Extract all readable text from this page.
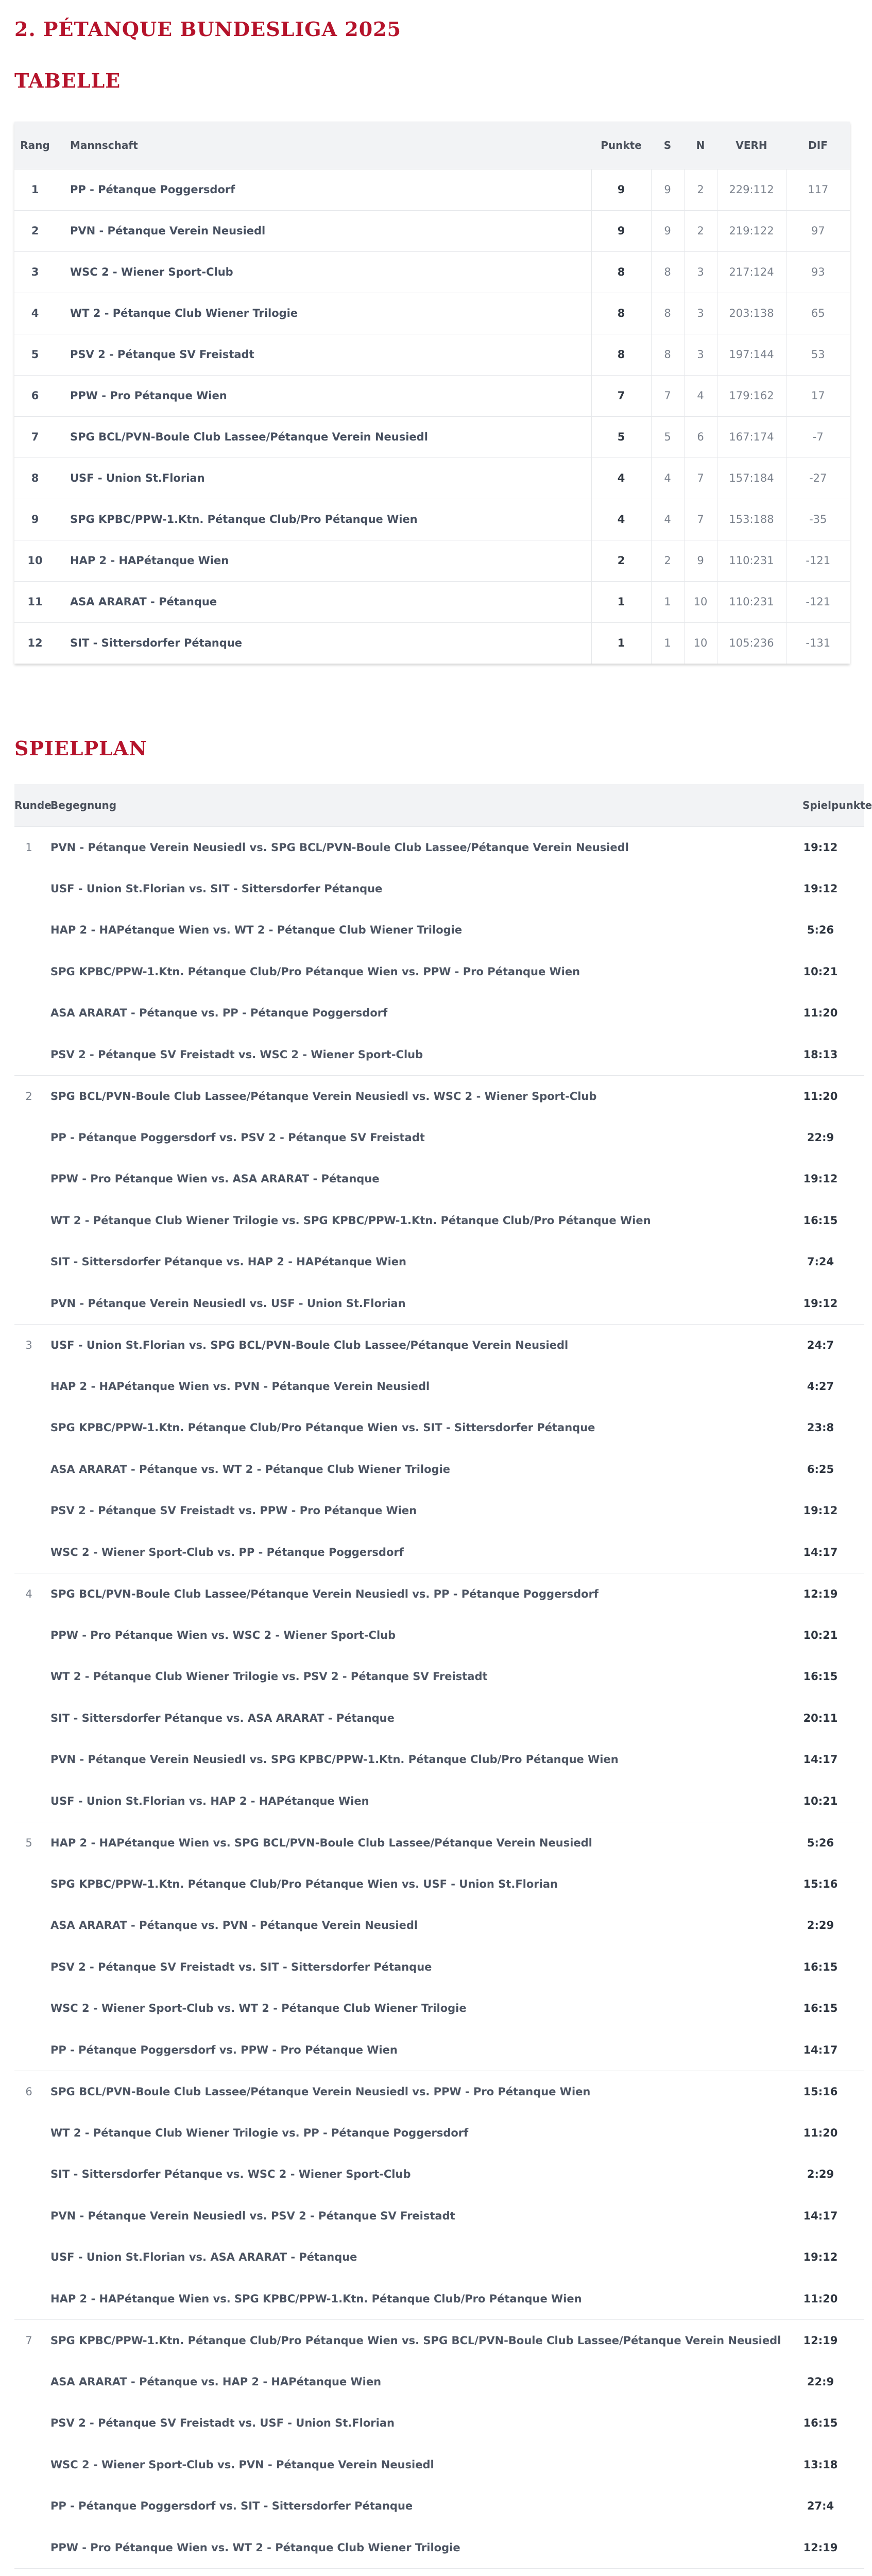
2. PÉTANQUE BUNDESLIGA 2025
TABELLE
Rang	Mannschaft	Punkte	S	N	VERH	DIF
1	PP - Pétanque Poggersdorf	9	9	2	229:112	117
2	PVN - Pétanque Verein Neusiedl	9	9	2	219:122	97
3	WSC 2 - Wiener Sport-Club	8	8	3	217:124	93
4	WT 2 - Pétanque Club Wiener Trilogie	8	8	3	203:138	65
5	PSV 2 - Pétanque SV Freistadt	8	8	3	197:144	53
6	PPW - Pro Pétanque Wien	7	7	4	179:162	17
7	SPG BCL/PVN-Boule Club Lassee/Pétanque Verein Neusiedl	5	5	6	167:174	-7
8	USF - Union St.Florian	4	4	7	157:184	-27
9	SPG KPBC/PPW-1.Ktn. Pétanque Club/Pro Pétanque Wien	4	4	7	153:188	-35
10	HAP 2 - HAPétanque Wien	2	2	9	110:231	-121
11	ASA ARARAT - Pétanque	1	1	10	110:231	-121
12	SIT - Sittersdorfer Pétanque	1	1	10	105:236	-131
SPIELPLAN
Runde	Begegnung	Spielpunkte
1	PVN - Pétanque Verein Neusiedl vs. SPG BCL/PVN-Boule Club Lassee/Pétanque Verein Neusiedl	19:12
	USF - Union St.Florian vs. SIT - Sittersdorfer Pétanque	19:12
	HAP 2 - HAPétanque Wien vs. WT 2 - Pétanque Club Wiener Trilogie	5:26
	SPG KPBC/PPW-1.Ktn. Pétanque Club/Pro Pétanque Wien vs. PPW - Pro Pétanque Wien	10:21
	ASA ARARAT - Pétanque vs. PP - Pétanque Poggersdorf	11:20
	PSV 2 - Pétanque SV Freistadt vs. WSC 2 - Wiener Sport-Club	18:13
2	SPG BCL/PVN-Boule Club Lassee/Pétanque Verein Neusiedl vs. WSC 2 - Wiener Sport-Club	11:20
	PP - Pétanque Poggersdorf vs. PSV 2 - Pétanque SV Freistadt	22:9
	PPW - Pro Pétanque Wien vs. ASA ARARAT - Pétanque	19:12
	WT 2 - Pétanque Club Wiener Trilogie vs. SPG KPBC/PPW-1.Ktn. Pétanque Club/Pro Pétanque Wien	16:15
	SIT - Sittersdorfer Pétanque vs. HAP 2 - HAPétanque Wien	7:24
	PVN - Pétanque Verein Neusiedl vs. USF - Union St.Florian	19:12
3	USF - Union St.Florian vs. SPG BCL/PVN-Boule Club Lassee/Pétanque Verein Neusiedl	24:7
	HAP 2 - HAPétanque Wien vs. PVN - Pétanque Verein Neusiedl	4:27
	SPG KPBC/PPW-1.Ktn. Pétanque Club/Pro Pétanque Wien vs. SIT - Sittersdorfer Pétanque	23:8
	ASA ARARAT - Pétanque vs. WT 2 - Pétanque Club Wiener Trilogie	6:25
	PSV 2 - Pétanque SV Freistadt vs. PPW - Pro Pétanque Wien	19:12
	WSC 2 - Wiener Sport-Club vs. PP - Pétanque Poggersdorf	14:17
4	SPG BCL/PVN-Boule Club Lassee/Pétanque Verein Neusiedl vs. PP - Pétanque Poggersdorf	12:19
	PPW - Pro Pétanque Wien vs. WSC 2 - Wiener Sport-Club	10:21
	WT 2 - Pétanque Club Wiener Trilogie vs. PSV 2 - Pétanque SV Freistadt	16:15
	SIT - Sittersdorfer Pétanque vs. ASA ARARAT - Pétanque	20:11
	PVN - Pétanque Verein Neusiedl vs. SPG KPBC/PPW-1.Ktn. Pétanque Club/Pro Pétanque Wien	14:17
	USF - Union St.Florian vs. HAP 2 - HAPétanque Wien	10:21
5	HAP 2 - HAPétanque Wien vs. SPG BCL/PVN-Boule Club Lassee/Pétanque Verein Neusiedl	5:26
	SPG KPBC/PPW-1.Ktn. Pétanque Club/Pro Pétanque Wien vs. USF - Union St.Florian	15:16
	ASA ARARAT - Pétanque vs. PVN - Pétanque Verein Neusiedl	2:29
	PSV 2 - Pétanque SV Freistadt vs. SIT - Sittersdorfer Pétanque	16:15
	WSC 2 - Wiener Sport-Club vs. WT 2 - Pétanque Club Wiener Trilogie	16:15
	PP - Pétanque Poggersdorf vs. PPW - Pro Pétanque Wien	14:17
6	SPG BCL/PVN-Boule Club Lassee/Pétanque Verein Neusiedl vs. PPW - Pro Pétanque Wien	15:16
	WT 2 - Pétanque Club Wiener Trilogie vs. PP - Pétanque Poggersdorf	11:20
	SIT - Sittersdorfer Pétanque vs. WSC 2 - Wiener Sport-Club	2:29
	PVN - Pétanque Verein Neusiedl vs. PSV 2 - Pétanque SV Freistadt	14:17
	USF - Union St.Florian vs. ASA ARARAT - Pétanque	19:12
	HAP 2 - HAPétanque Wien vs. SPG KPBC/PPW-1.Ktn. Pétanque Club/Pro Pétanque Wien	11:20
7	SPG KPBC/PPW-1.Ktn. Pétanque Club/Pro Pétanque Wien vs. SPG BCL/PVN-Boule Club Lassee/Pétanque Verein Neusiedl	12:19
	ASA ARARAT - Pétanque vs. HAP 2 - HAPétanque Wien	22:9
	PSV 2 - Pétanque SV Freistadt vs. USF - Union St.Florian	16:15
	WSC 2 - Wiener Sport-Club vs. PVN - Pétanque Verein Neusiedl	13:18
	PP - Pétanque Poggersdorf vs. SIT - Sittersdorfer Pétanque	27:4
	PPW - Pro Pétanque Wien vs. WT 2 - Pétanque Club Wiener Trilogie	12:19
